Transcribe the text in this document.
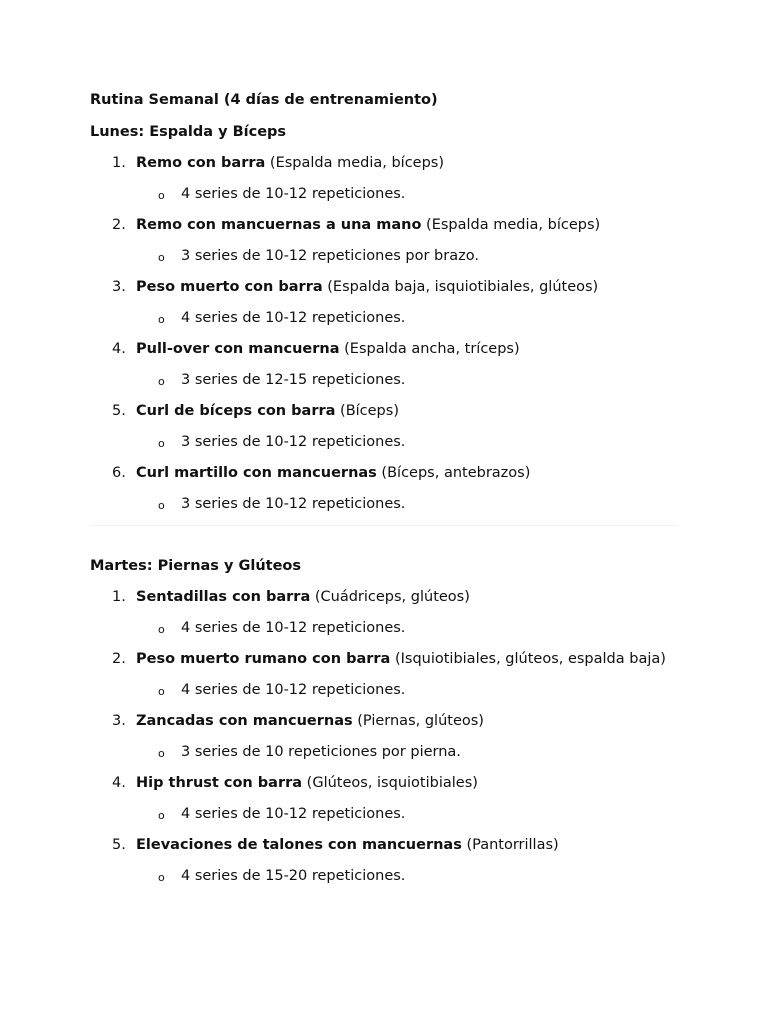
Rutina Semanal (4 días de entrenamiento)

Lunes: Espalda y Bíceps

1. Remo con barra (Espalda media, bíceps)
o 4 series de 10-12 repeticiones.
2. Remo con mancuernas a una mano (Espalda media, bíceps)
o 3 series de 10-12 repeticiones por brazo.
3. Peso muerto con barra (Espalda baja, isquiotibiales, glúteos)
o 4 series de 10-12 repeticiones.
4. Pull-over con mancuerna (Espalda ancha, tríceps)
o 3 series de 12-15 repeticiones.
5. Curl de bíceps con barra (Bíceps)
o 3 series de 10-12 repeticiones.
6. Curl martillo con mancuernas (Bíceps, antebrazos)
o 3 series de 10-12 repeticiones.

Martes: Piernas y Glúteos

1. Sentadillas con barra (Cuádriceps, glúteos)
o 4 series de 10-12 repeticiones.
2. Peso muerto rumano con barra (Isquiotibiales, glúteos, espalda baja)
o 4 series de 10-12 repeticiones.
3. Zancadas con mancuernas (Piernas, glúteos)
o 3 series de 10 repeticiones por pierna.
4. Hip thrust con barra (Glúteos, isquiotibiales)
o 4 series de 10-12 repeticiones.
5. Elevaciones de talones con mancuernas (Pantorrillas)
o 4 series de 15-20 repeticiones.
